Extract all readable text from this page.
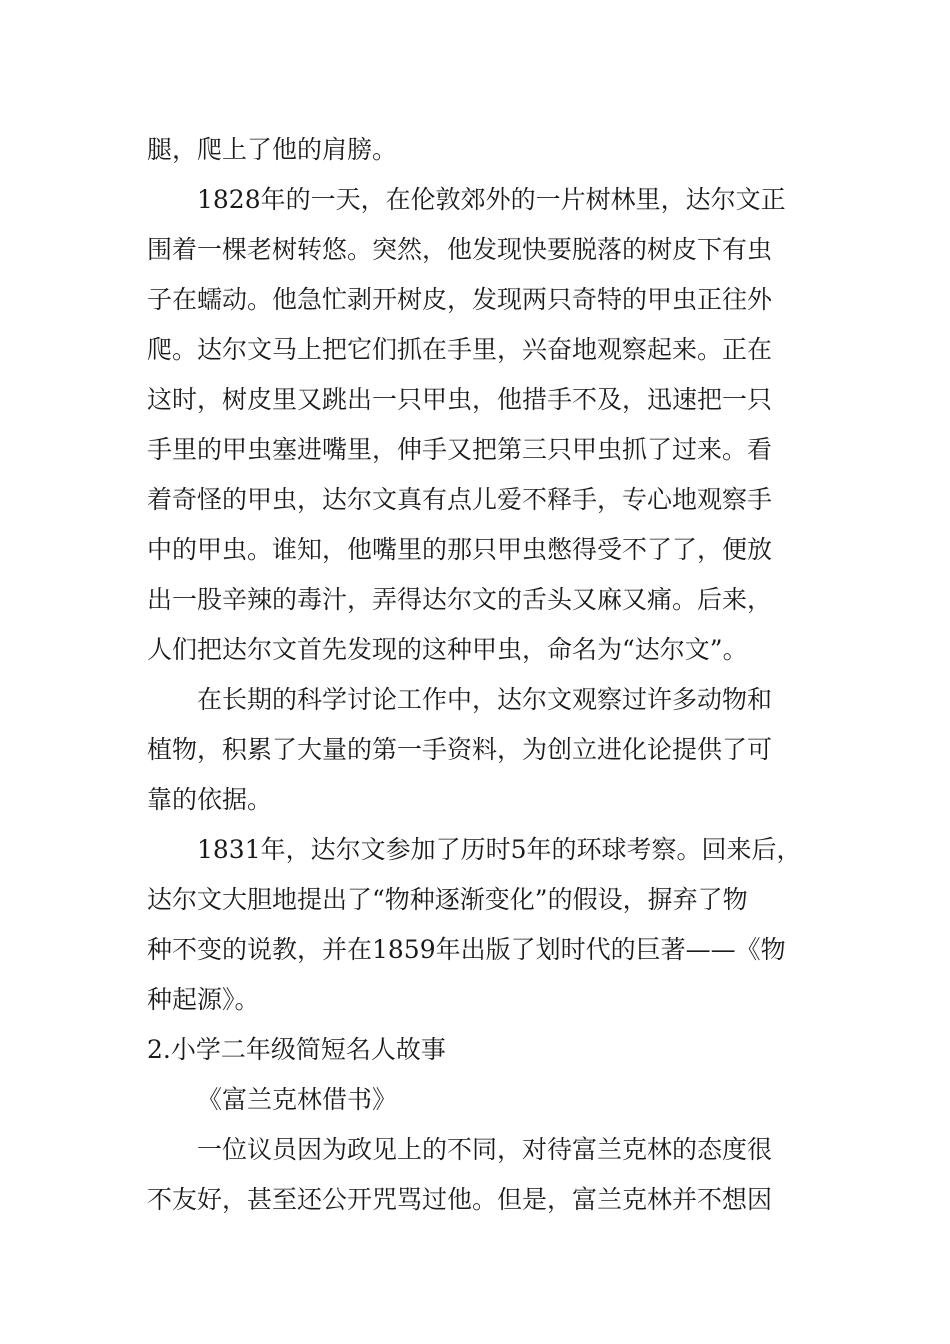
腿，爬上了他的肩膀。
1828年的一天，在伦敦郊外的一片树林里，达尔文正
围着一棵老树转悠。突然，他发现快要脱落的树皮下有虫
子在蠕动。他急忙剥开树皮，发现两只奇特的甲虫正往外
爬。达尔文马上把它们抓在手里，兴奋地观察起来。正在
这时，树皮里又跳出一只甲虫，他措手不及，迅速把一只
手里的甲虫塞进嘴里，伸手又把第三只甲虫抓了过来。看
着奇怪的甲虫，达尔文真有点儿爱不释手，专心地观察手
中的甲虫。谁知，他嘴里的那只甲虫憋得受不了了，便放
出一股辛辣的毒汁，弄得达尔文的舌头又麻又痛。后来，
人们把达尔文首先发现的这种甲虫，命名为“达尔文”。
在长期的科学讨论工作中，达尔文观察过许多动物和
植物，积累了大量的第一手资料，为创立进化论提供了可
靠的依据。
1831年，达尔文参加了历时5年的环球考察。回来后，
达尔文大胆地提出了“物种逐渐变化”的假设，摒弃了物
种不变的说教，并在1859年出版了划时代的巨著——《物
种起源》。
2.小学二年级简短名人故事
《富兰克林借书》
一位议员因为政见上的不同，对待富兰克林的态度很
不友好，甚至还公开咒骂过他。但是，富兰克林并不想因
